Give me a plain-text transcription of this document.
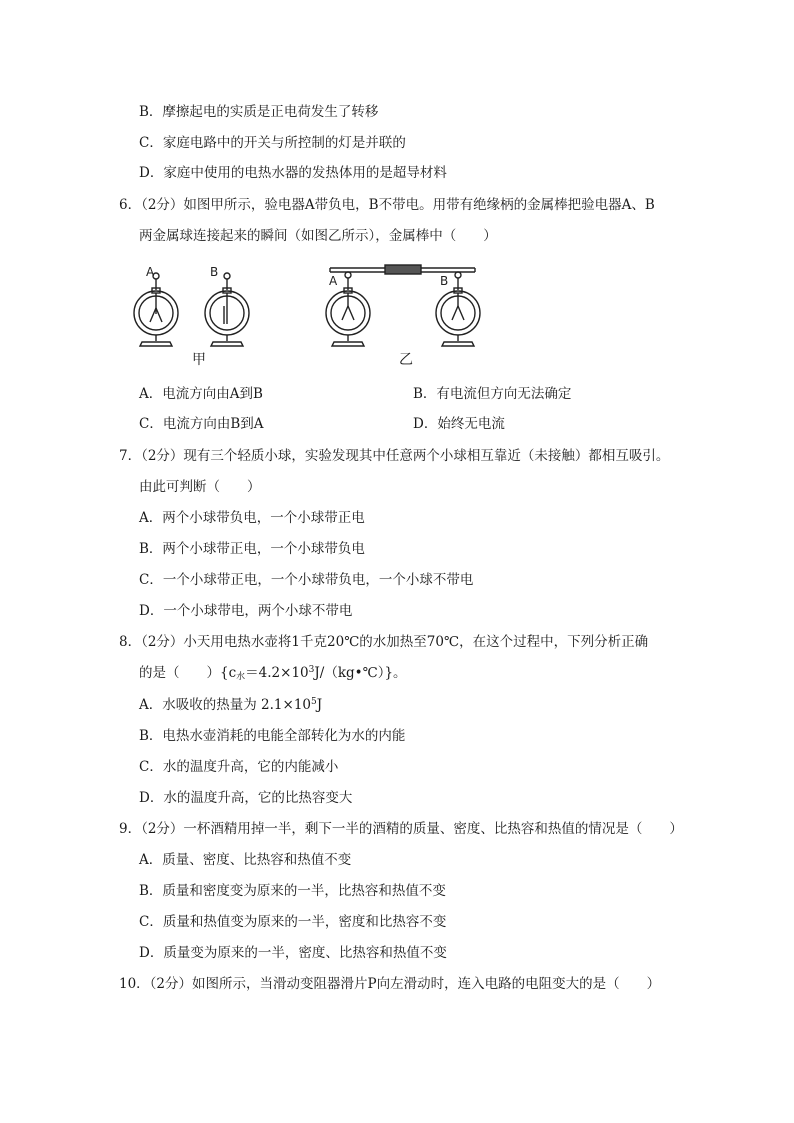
B．摩擦起电的实质是正电荷发生了转移
C．家庭电路中的开关与所控制的灯是并联的
D．家庭中使用的电热水器的发热体用的是超导材料
6．（2分）如图甲所示，验电器A带负电，B不带电。用带有绝缘柄的金属棒把验电器A、B
两金属球连接起来的瞬间（如图乙所示），金属棒中（　　）
A	B
A	B
甲	乙
A．电流方向由A到B	B．有电流但方向无法确定
C．电流方向由B到A	D．始终无电流
7．（2分）现有三个轻质小球，实验发现其中任意两个小球相互靠近（未接触）都相互吸引。
由此可判断（　　）
A．两个小球带负电，一个小球带正电
B．两个小球带正电，一个小球带负电
C．一个小球带正电，一个小球带负电，一个小球不带电
D．一个小球带电，两个小球不带电
8．（2分）小天用电热水壶将1千克20℃的水加热至70℃，在这个过程中，下列分析正确
的是（　　）$\{c_水=4.2\times 10^3J/(kg•℃)\}$。
A．水吸收的热量为 $2.1\times 10^5J$
B．电热水壶消耗的电能全部转化为水的内能
C．水的温度升高，它的内能减小
D．水的温度升高，它的比热容变大
9．（2分）一杯酒精用掉一半，剩下一半的酒精的质量、密度、比热容和热值的情况是（　　）
A．质量、密度、比热容和热值不变
B．质量和密度变为原来的一半，比热容和热值不变
C．质量和热值变为原来的一半，密度和比热容不变
D．质量变为原来的一半，密度、比热容和热值不变
10．（2分）如图所示，当滑动变阻器滑片P向左滑动时，连入电路的电阻变大的是（　　）
